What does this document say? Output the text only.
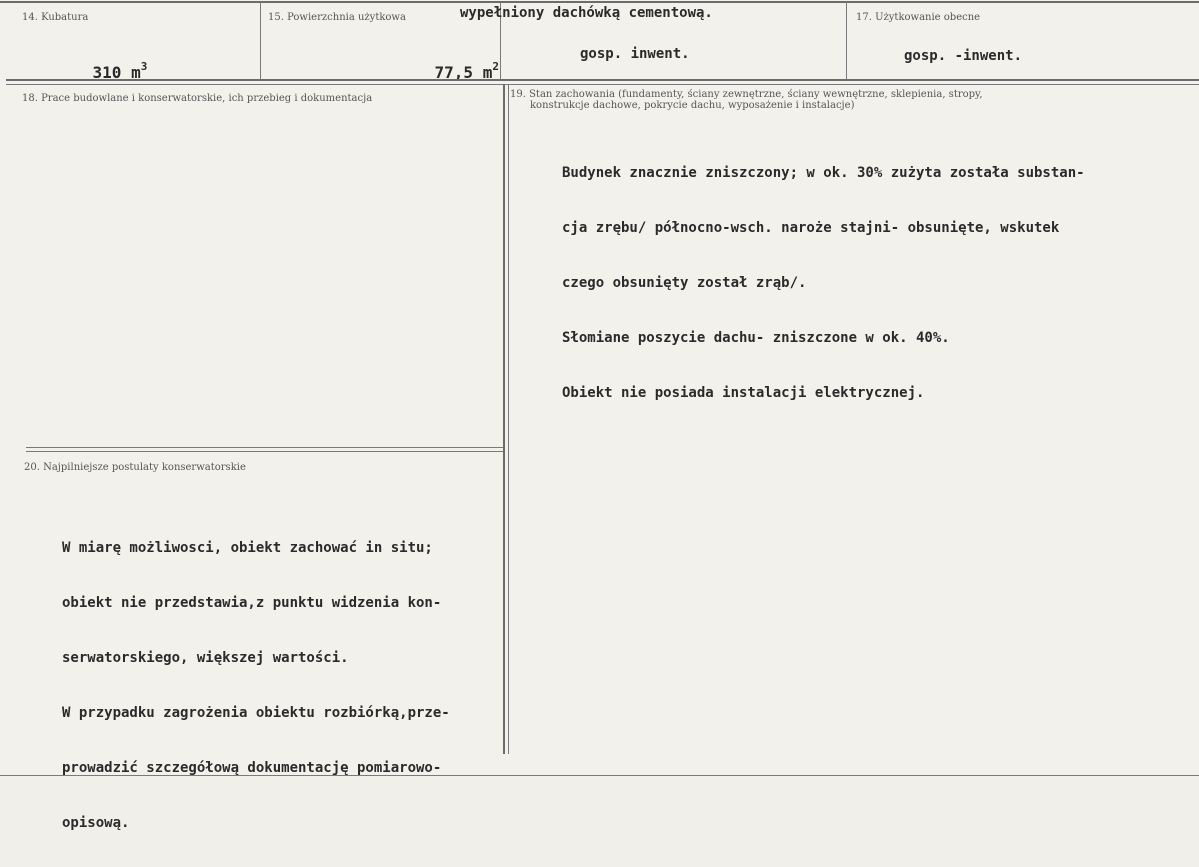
14. Kubatura

310 $m^3$

15. Powierzchnia użytkowa

77,5 $m^2$

wypełniony dachówką cementową.
gosp. inwent.
17. Użytkowanie obecne
gosp. -inwent.
18. Prace budowlane i konserwatorskie, ich przebieg i dokumentacja	19. Stan zachowania (fundamenty, ściany zewnętrzne, ściany wewnętrzne, sklepienia, stropy,
konstrukcje dachowe, pokrycie dachu, wyposażenie i instalacje)

Budynek znacznie zniszczony; w ok. 30% zużyta została substan-

cja zrębu/ północno-wsch. naroże stajni- obsunięte, wskutek

czego obsunięty został zrąb/.

Słomiane poszycie dachu- zniszczone w ok. 40%.

Obiekt nie posiada instalacji elektrycznej.

20. Najpilniejsze postulaty konserwatorskie

W miarę możliwosci, obiekt zachować in situ;

obiekt nie przedstawia,z punktu widzenia kon-

serwatorskiego, większej wartości.

W przypadku zagrożenia obiektu rozbiórką,prze-

prowadzić szczegółową dokumentację pomiarowo-

opisową.
